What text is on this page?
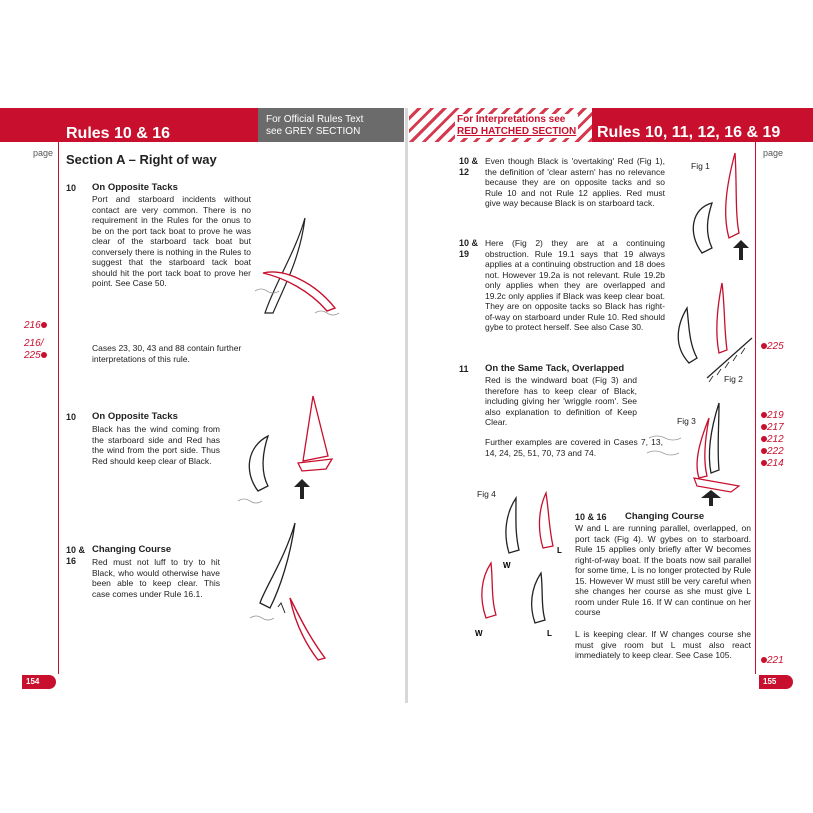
Rules 10 & 16
For Official Rules Text
see GREY SECTION
page
216
216/
225
Section A – Right of way
10	On Opposite Tacks
Port and starboard incidents without contact are very common. There is no requirement in the Rules for the onus to be on the port tack boat to prove he was clear of the starboard tack boat but conversely there is nothing in the Rules to suggest that the starboard tack boat should hit the port tack boat to prove her point. See Case 50.
Cases 23, 30, 43 and 88 contain further interpretations of this rule.
10	On Opposite Tacks
Black has the wind coming from the starboard side and Red has the wind from the port side. Thus Red should keep clear of Black.
10 &
16
Changing Course
Red must not luff to try to hit Black, who would otherwise have been able to keep clear. This case comes under Rule 16.1.
154
For Interpretations see
RED HATCHED SECTION Rules 10, 11, 12, 16 & 19
page
225
219
217
212
222
214
221
10 &
12
Even though Black is 'overtaking' Red (Fig 1), the definition of 'clear astern' has no relevance because they are on opposite tacks and so Rule 10 and not Rule 12 applies. Red must give way because Black is on starboard tack.
10 &
19
Here (Fig 2) they are at a continuing obstruction. Rule 19.1 says that 19 always applies at a continuing obstruction and 18 does not. However 19.2a is not relevant. Rule 19.2b only applies when they are overlapped and 19.2c only applies if Black was keep clear boat. They are on opposite tacks so Black has right-of-way on starboard under Rule 10. Red should gybe to protect herself. See also Case 30.
11	On the Same Tack, Overlapped
Red is the windward boat (Fig 3) and therefore has to keep clear of Black, including giving her 'wriggle room'. See also explanation to definition of Keep Clear.
Further examples are covered in Cases 7, 13, 14, 24, 25, 51, 70, 73 and 74.
10 & 16	Changing Course
W and L are running parallel, overlapped, on port tack (Fig 4). W gybes on to starboard. Rule 15 applies only briefly after W becomes right-of-way boat. If the boats now sail parallel for some time, L is no longer protected by Rule 15. However W must still be very careful when she changes her course as she must give L room under Rule 16. If W can continue on her course
L is keeping clear. If W changes course she must give room but L must also react immediately to keep clear. See Case 105.
Fig 1
Fig 2
Fig 3
Fig 4
W
L
W	L
155
